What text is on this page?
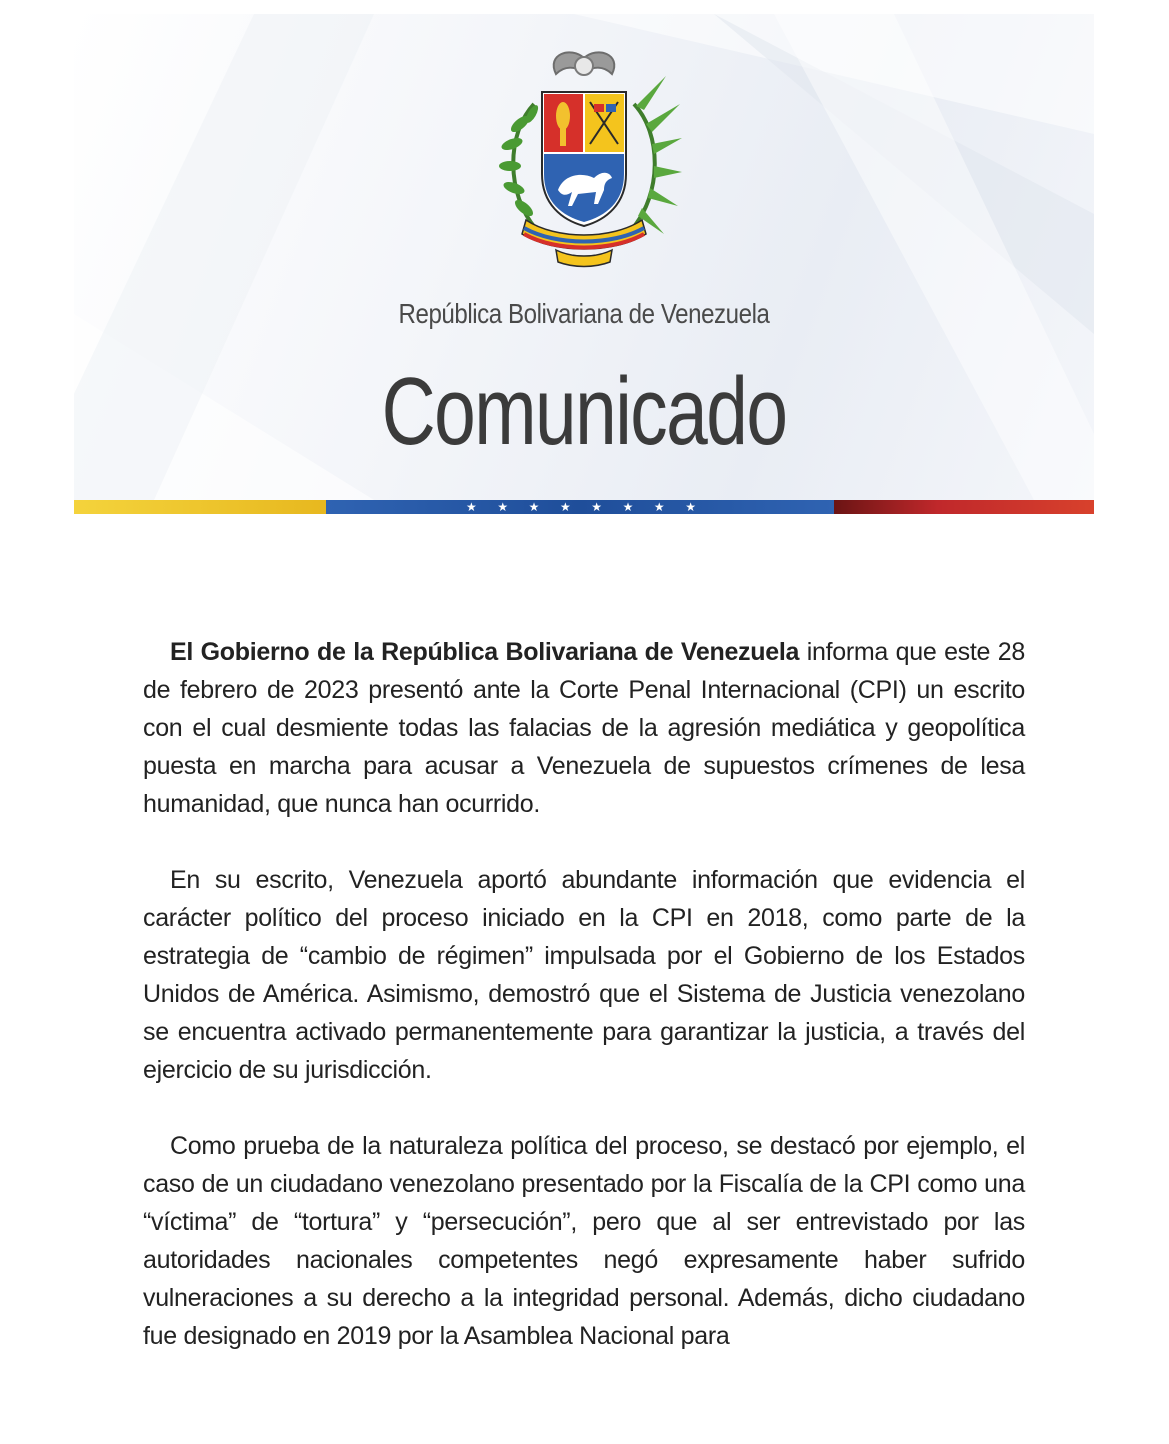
República Bolivariana de Venezuela
Comunicado
★ ★ ★ ★ ★ ★ ★ ★

El Gobierno de la República Bolivariana de Venezuela informa que este 28 de febrero de 2023 presentó ante la Corte Penal Internacional (CPI) un escrito con el cual desmiente todas las falacias de la agresión mediática y geopolítica puesta en marcha para acusar a Venezuela de supuestos crímenes de lesa humanidad, que nunca han ocurrido.

En su escrito, Venezuela aportó abundante información que evidencia el carácter político del proceso iniciado en la CPI en 2018, como parte de la estrategia de “cambio de régimen” impulsada por el Gobierno de los Estados Unidos de América. Asimismo, demostró que el Sistema de Justicia venezolano se encuentra activado permanentemente para garantizar la justicia, a través del ejercicio de su jurisdicción.

Como prueba de la naturaleza política del proceso, se destacó por ejemplo, el caso de un ciudadano venezolano presentado por la Fiscalía de la CPI como una “víctima” de “tortura” y “persecución”, pero que al ser entrevistado por las autoridades nacionales competentes negó expresamente haber sufrido vulneraciones a su derecho a la integridad personal. Además, dicho ciudadano fue designado en 2019 por la Asamblea Nacional para
